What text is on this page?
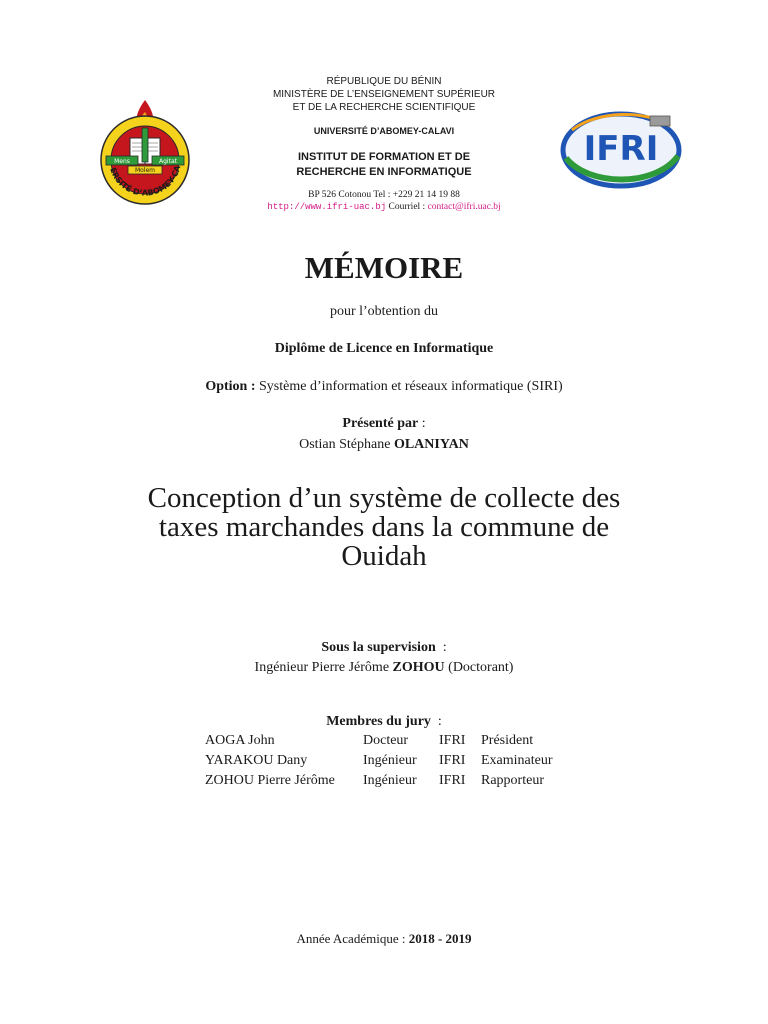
RÉPUBLIQUE DU BÉNIN
MINISTÈRE DE L’ENSEIGNEMENT SUPÉRIEUR
ET DE LA RECHERCHE SCIENTIFIQUE
UNIVERSITÉ D’ABOMEY-CALAVI
INSTITUT DE FORMATION ET DE
RECHERCHE EN INFORMATIQUE
BP 526 Cotonou Tel : +229 21 14 19 88
http://www.ifri-uac.bj Courriel : contact@ifri.uac.bj
ERSITÉ D’ABOMEY-CA
Mens	Agitat
Molem
IFRI
MÉMOIRE
pour l’obtention du
Diplôme de Licence en Informatique
Option : Système d’information et réseaux informatique (SIRI)
Présenté par :
Ostian Stéphane OLANIYAN
Conception d’un système de collecte des
taxes marchandes dans la commune de
Ouidah
Sous la supervision  :
Ingénieur Pierre Jérôme ZOHOU (Doctorant)
Membres du jury  :
AOGA John	Docteur	IFRI	Président
YARAKOU Dany	Ingénieur	IFRI	Examinateur
ZOHOU Pierre Jérôme	Ingénieur	IFRI	Rapporteur
Année Académique : 2018 - 2019
